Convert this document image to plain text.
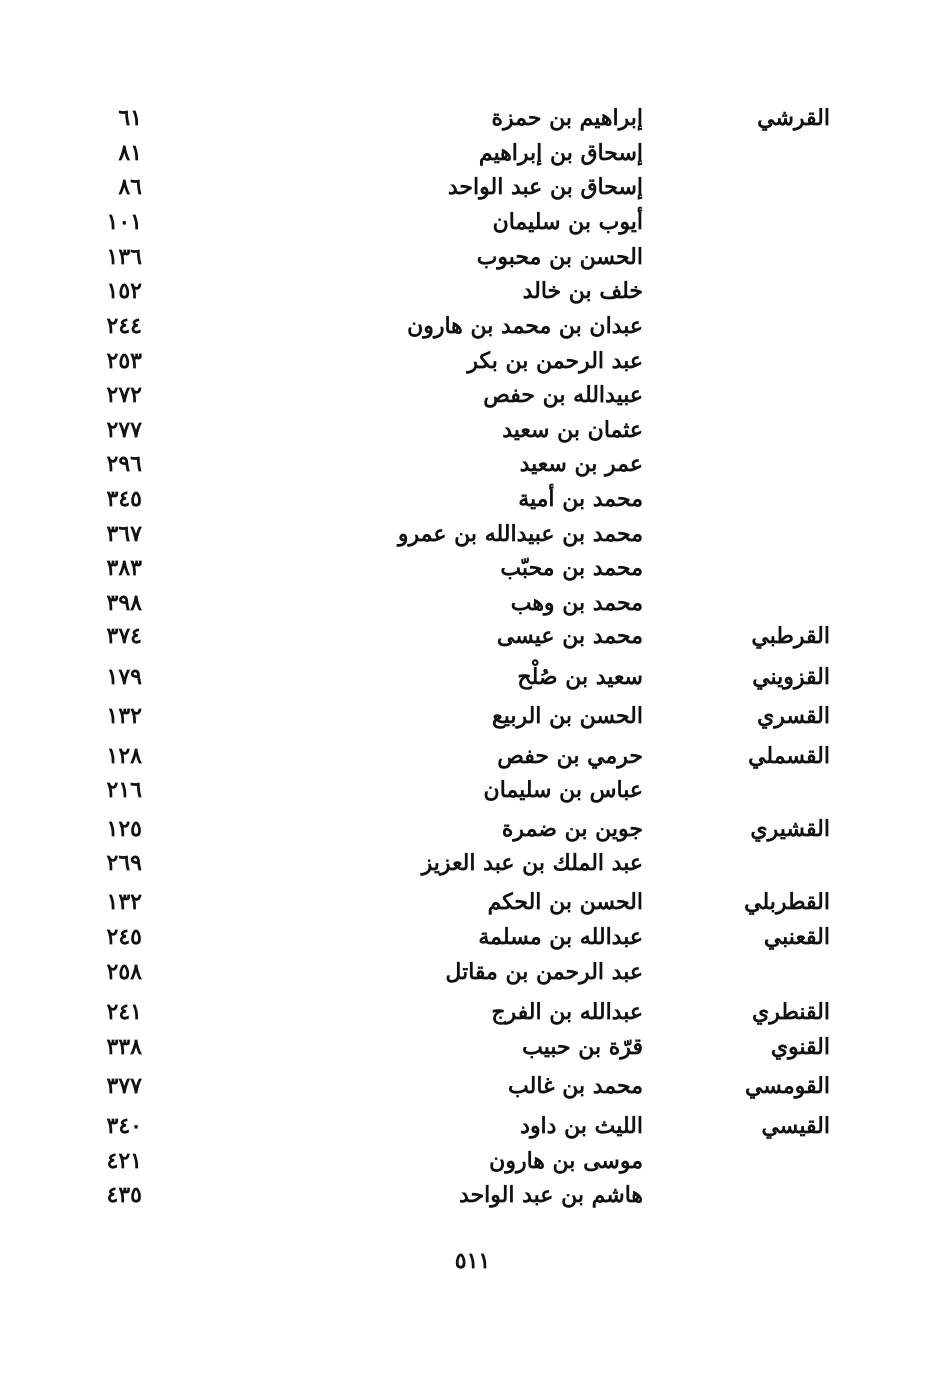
القرشي
إبراهيم بن حمزة
٦١
إسحاق بن إبراهيم
٨١
إسحاق بن عبد الواحد
٨٦
أيوب بن سليمان
١٠١
الحسن بن محبوب
١٣٦
خلف بن خالد
١٥٢
عبدان بن محمد بن هارون
٢٤٤
عبد الرحمن بن بكر
٢٥٣
عبيدالله بن حفص
٢٧٢
عثمان بن سعيد
٢٧٧
عمر بن سعيد
٢٩٦
محمد بن أمية
٣٤٥
محمد بن عبيدالله بن عمرو
٣٦٧
محمد بن محبّب
٣٨٣
محمد بن وهب
٣٩٨
القرطبي
محمد بن عيسى
٣٧٤
القزويني
سعيد بن صُلْح
١٧٩
القسري
الحسن بن الربيع
١٣٢
القسملي
حرمي بن حفص
١٢٨
عباس بن سليمان
٢١٦
القشيري
جوين بن ضمرة
١٢٥
عبد الملك بن عبد العزيز
٢٦٩
القطربلي
الحسن بن الحكم
١٣٢
القعنبي
عبدالله بن مسلمة
٢٤٥
عبد الرحمن بن مقاتل
٢٥٨
القنطري
عبدالله بن الفرج
٢٤١
القنوي
قرّة بن حبيب
٣٣٨
القومسي
محمد بن غالب
٣٧٧
القيسي
الليث بن داود
٣٤٠
موسى بن هارون
٤٢١
هاشم بن عبد الواحد
٤٣٥
٥١١
